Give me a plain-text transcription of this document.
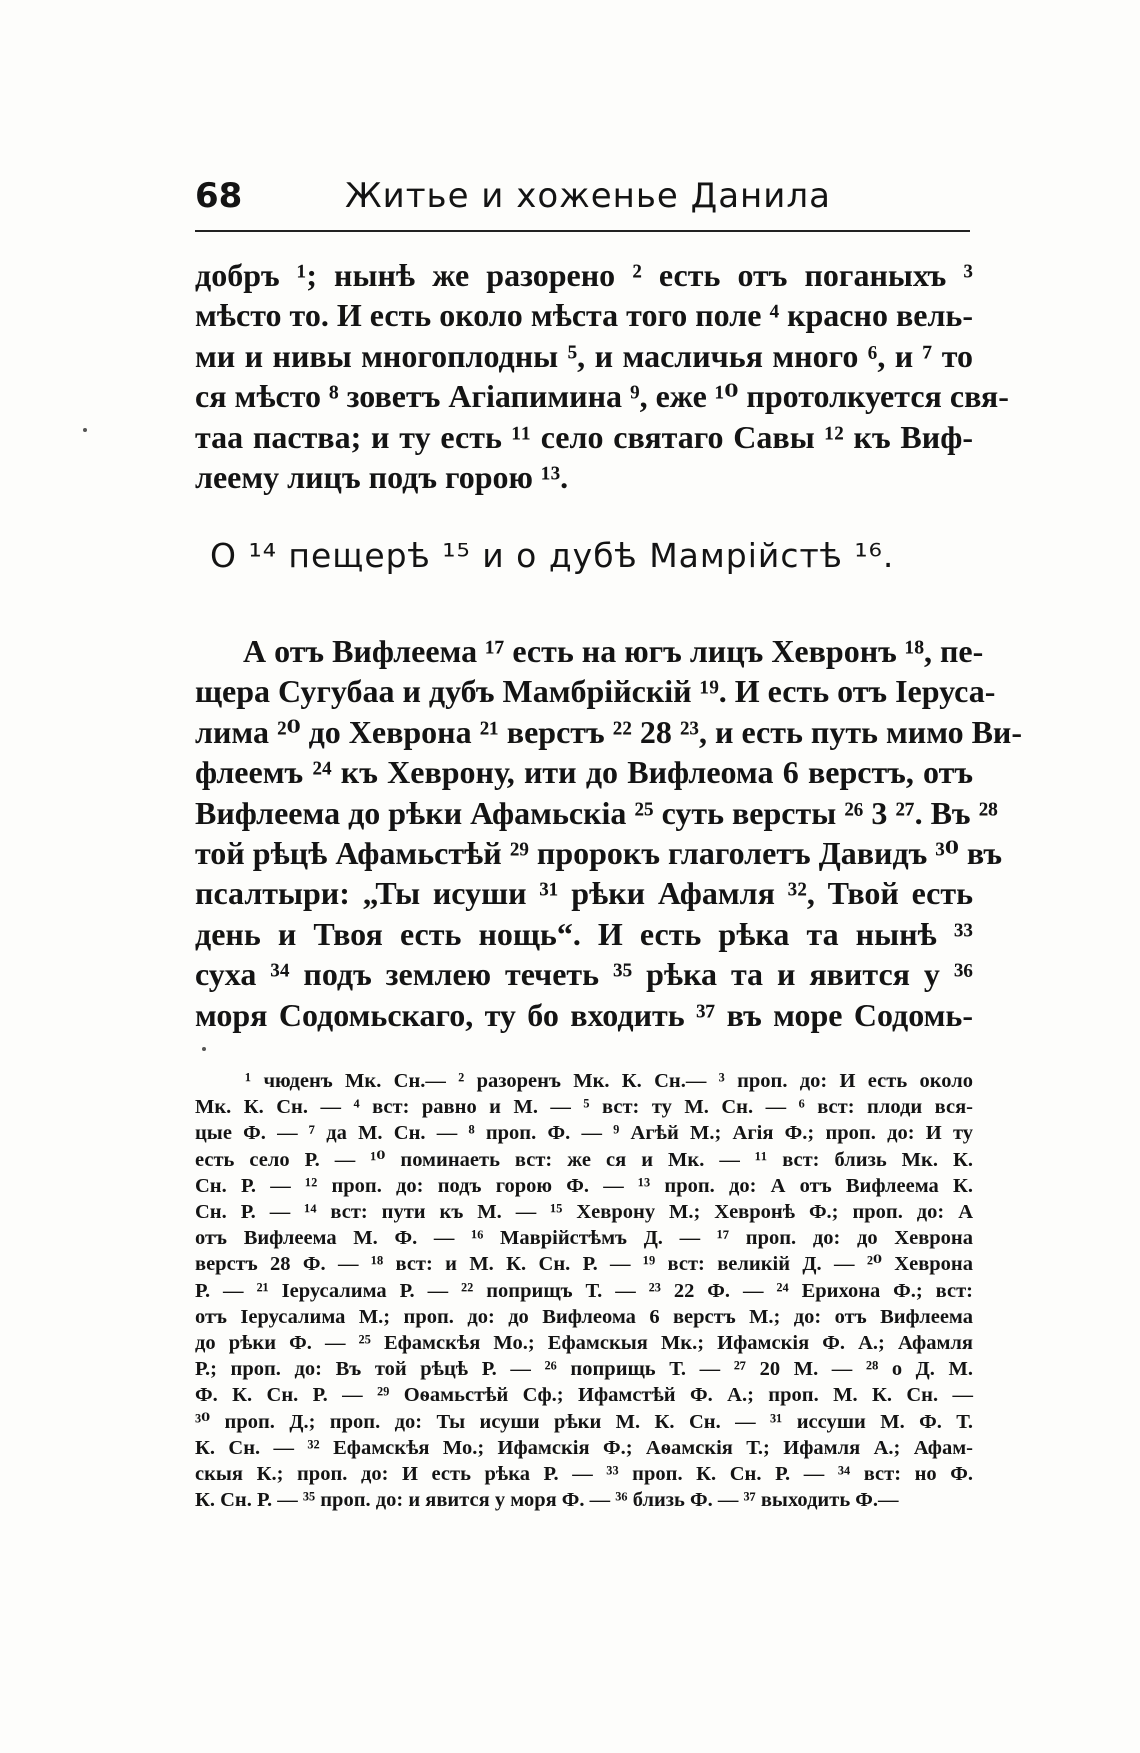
68	Житье и хоженье Данила
добръ ¹; нынѣ же разорено ² есть отъ поганыхъ ³
мѣсто то. И есть около мѣста того поле ⁴ красно вель-
ми и нивы многоплодны ⁵, и масличья много ⁶, и ⁷ то
ся мѣсто ⁸ зоветъ Агiапимина ⁹, еже ¹⁰ протолкуется свя-
таа паства; и ту есть ¹¹ село святаго Савы ¹² къ Виф-
леему лицъ подъ горою ¹³.
О ¹⁴ пещерѣ ¹⁵ и о дубѣ Мамрiйстѣ ¹⁶.
А отъ Вифлеема ¹⁷ есть на югъ лицъ Хевронъ ¹⁸, пе-
щера Сугубаа и дубъ Мамбрiйскiй ¹⁹. И есть отъ Iеруса-
лима ²⁰ до Хеврона ²¹ верстъ ²² 28 ²³, и есть путь мимо Ви-
флеемъ ²⁴ къ Хеврону, ити до Вифлеома 6 верстъ, отъ
Вифлеема до рѣки Афамьскiа ²⁵ суть версты ²⁶ 3 ²⁷. Въ ²⁸
той рѣцѣ Афамьстѣй ²⁹ пророкъ глаголетъ Давидъ ³⁰ въ
псалтыри: „Ты исуши ³¹ рѣки Афамля ³², Твой есть
день и Твоя есть нощь“. И есть рѣка та нынѣ ³³
суха ³⁴ подъ землею течеть ³⁵ рѣка та и явится у ³⁶
моря Содомьскаго, ту бо входить ³⁷ въ море Содомь-
¹ чюденъ Мк. Сн.— ² разоренъ Мк. К. Сн.— ³ проп. до: И есть около
Мк. К. Сн. — ⁴ вст: равно и М. — ⁵ вст: ту М. Сн. — ⁶ вст: плоди вся-
цые Ф. — ⁷ да М. Сн. — ⁸ проп. Ф. — ⁹ Агѣй М.; Агiя Ф.; проп. до: И ту
есть село Р. — ¹⁰ поминаеть вст: же ся и Мк. — ¹¹ вст: близь Мк. К.
Сн. Р. — ¹² проп. до: подъ горою Ф. — ¹³ проп. до: А отъ Вифлеема К.
Сн. Р. — ¹⁴ вст: пути къ М. — ¹⁵ Хеврону М.; Хевронѣ Ф.; проп. до: А
отъ Вифлеема М. Ф. — ¹⁶ Маврiйстѣмъ Д. — ¹⁷ проп. до: до Хеврона
верстъ 28 Ф. — ¹⁸ вст: и М. К. Сн. Р. — ¹⁹ вст: великiй Д. — ²⁰ Хеврона
Р. — ²¹ Iерусалима Р. — ²² поприщъ Т. — ²³ 22 Ф. — ²⁴ Ерихона Ф.; вст:
отъ Iерусалима М.; проп. до: до Вифлеома 6 верстъ М.; до: отъ Вифлеема
до рѣки Ф. — ²⁵ Ефамскѣя Мо.; Ефамскыя Мк.; Ифамскiя Ф. А.; Афамля
Р.; проп. до: Въ той рѣцѣ Р. — ²⁶ поприщь Т. — ²⁷ 20 М. — ²⁸ о Д. М.
Ф. К. Сн. Р. — ²⁹ Оѳамьстѣй Сф.; Ифамстѣй Ф. А.; проп. М. К. Сн. —
³⁰ проп. Д.; проп. до: Ты исуши рѣки М. К. Сн. — ³¹ иссуши М. Ф. Т.
К. Сн. — ³² Ефамскѣя Мо.; Ифамскiя Ф.; Аѳамскiя Т.; Ифамля А.; Афам-
скыя К.; проп. до: И есть рѣка Р. — ³³ проп. К. Сн. Р. — ³⁴ вст: но Ф.
К. Сн. Р. — ³⁵ проп. до: и явится у моря Ф. — ³⁶ близь Ф. — ³⁷ выходить Ф.—
